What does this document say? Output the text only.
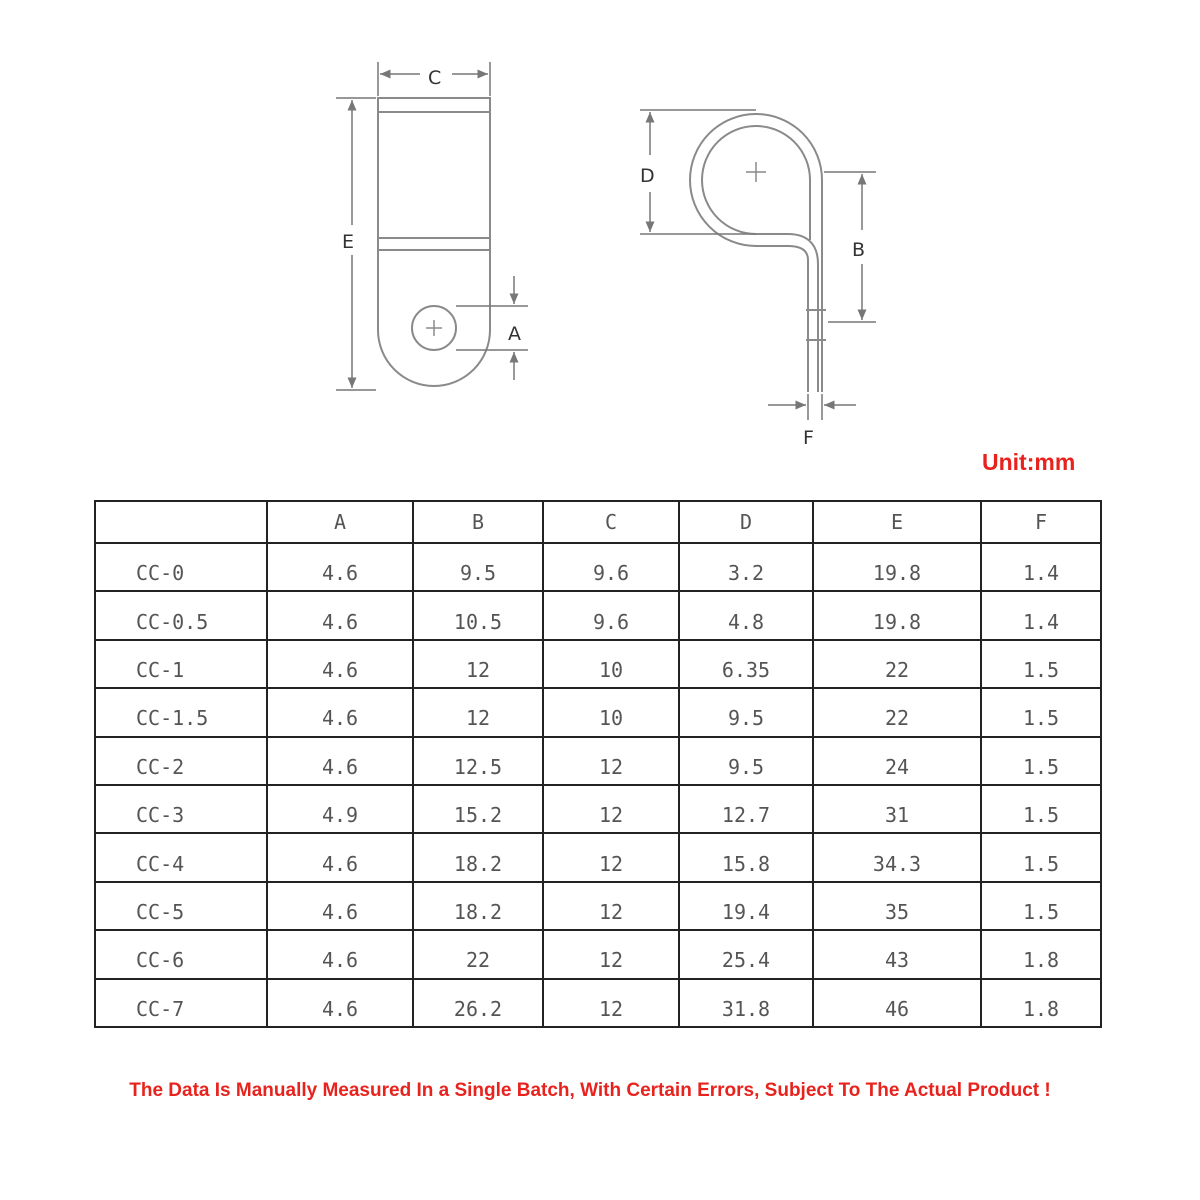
C
E
A
D
B
F
Unit:mm
	A	B	C	D	E	F
CC-0	4.6	9.5	9.6	3.2	19.8	1.4
CC-0.5	4.6	10.5	9.6	4.8	19.8	1.4
CC-1	4.6	12	10	6.35	22	1.5
CC-1.5	4.6	12	10	9.5	22	1.5
CC-2	4.6	12.5	12	9.5	24	1.5
CC-3	4.9	15.2	12	12.7	31	1.5
CC-4	4.6	18.2	12	15.8	34.3	1.5
CC-5	4.6	18.2	12	19.4	35	1.5
CC-6	4.6	22	12	25.4	43	1.8
CC-7	4.6	26.2	12	31.8	46	1.8
The Data Is Manually Measured In a Single Batch, With Certain Errors, Subject To The Actual Product !
